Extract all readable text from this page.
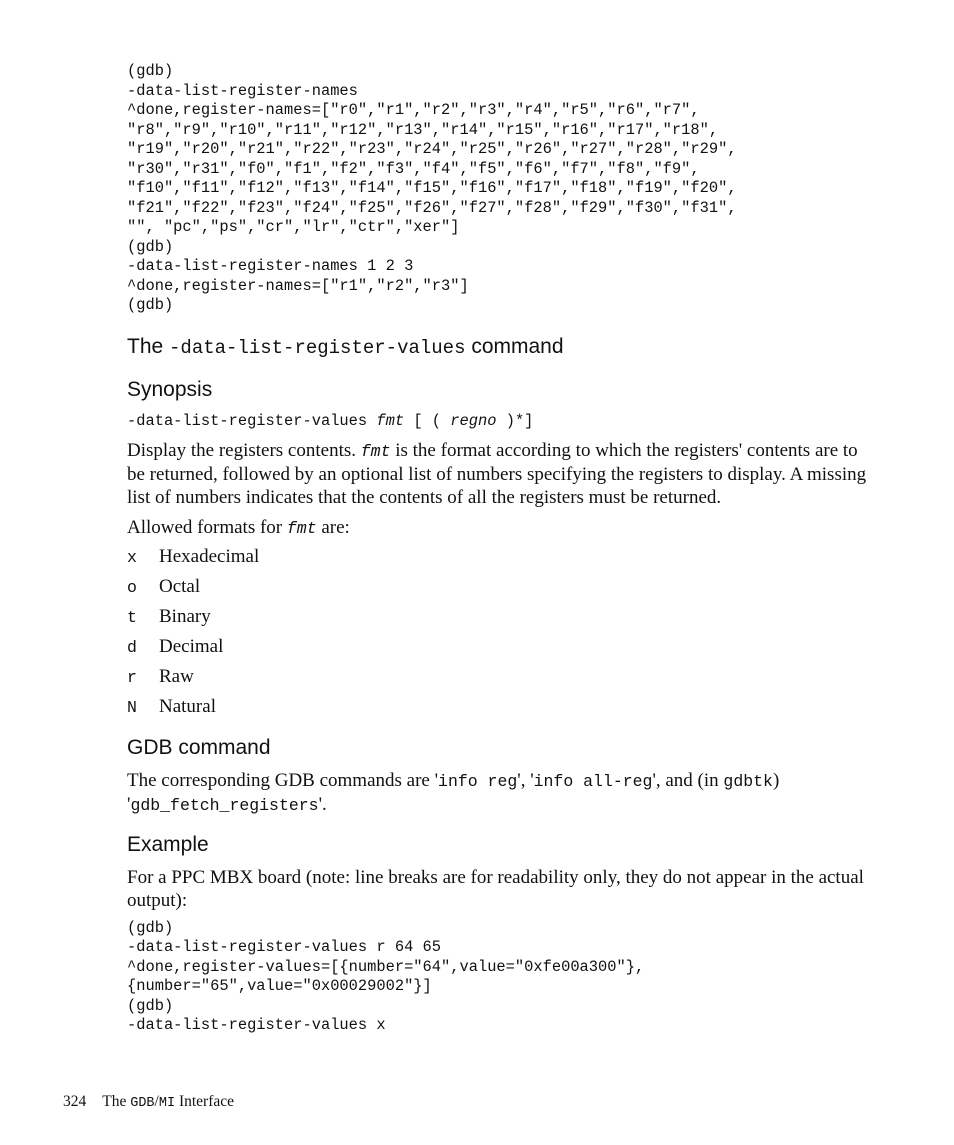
(gdb)
-data-list-register-names
^done,register-names=["r0","r1","r2","r3","r4","r5","r6","r7",
"r8","r9","r10","r11","r12","r13","r14","r15","r16","r17","r18",
"r19","r20","r21","r22","r23","r24","r25","r26","r27","r28","r29",
"r30","r31","f0","f1","f2","f3","f4","f5","f6","f7","f8","f9",
"f10","f11","f12","f13","f14","f15","f16","f17","f18","f19","f20",
"f21","f22","f23","f24","f25","f26","f27","f28","f29","f30","f31",
"", "pc","ps","cr","lr","ctr","xer"]
(gdb)
-data-list-register-names 1 2 3
^done,register-names=["r1","r2","r3"]
(gdb)
The -data-list-register-values command
Synopsis
-data-list-register-values fmt [ ( regno )*]

Display the registers contents. fmt is the format according to which the registers' contents are to be returned, followed by an optional list of numbers specifying the registers to display. A missing list of numbers indicates that the contents of all the registers must be returned.

Allowed formats for fmt are:

x	Hexadecimal
o	Octal
t	Binary
d	Decimal
r	Raw
N	Natural
GDB command

The corresponding GDB commands are 'info reg', 'info all-reg', and (in gdbtk)
'gdb_fetch_registers'.

Example

For a PPC MBX board (note: line breaks are for readability only, they do not appear in the actual output):

(gdb)
-data-list-register-values r 64 65
^done,register-values=[{number="64",value="0xfe00a300"},
{number="65",value="0x00029002"}]
(gdb)
-data-list-register-values x
324 The GDB/MI Interface
